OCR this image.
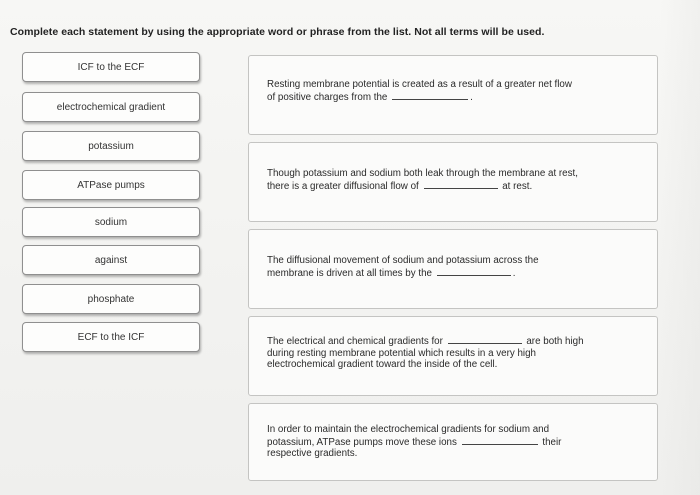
Complete each statement by using the appropriate word or phrase from the list. Not all terms will be used.
ICF to the ECF
electrochemical gradient
potassium
ATPase pumps
sodium
against
phosphate
ECF to the ICF
Resting membrane potential is created as a result of a greater net flow
of positive charges from the	.
Though potassium and sodium both leak through the membrane at rest,
there is a greater diffusional flow of	at rest.
The diffusional movement of sodium and potassium across the
membrane is driven at all times by the	.
The electrical and chemical gradients for	are both high
during resting membrane potential which results in a very high
electrochemical gradient toward the inside of the cell.
In order to maintain the electrochemical gradients for sodium and
potassium, ATPase pumps move these ions	their
respective gradients.
